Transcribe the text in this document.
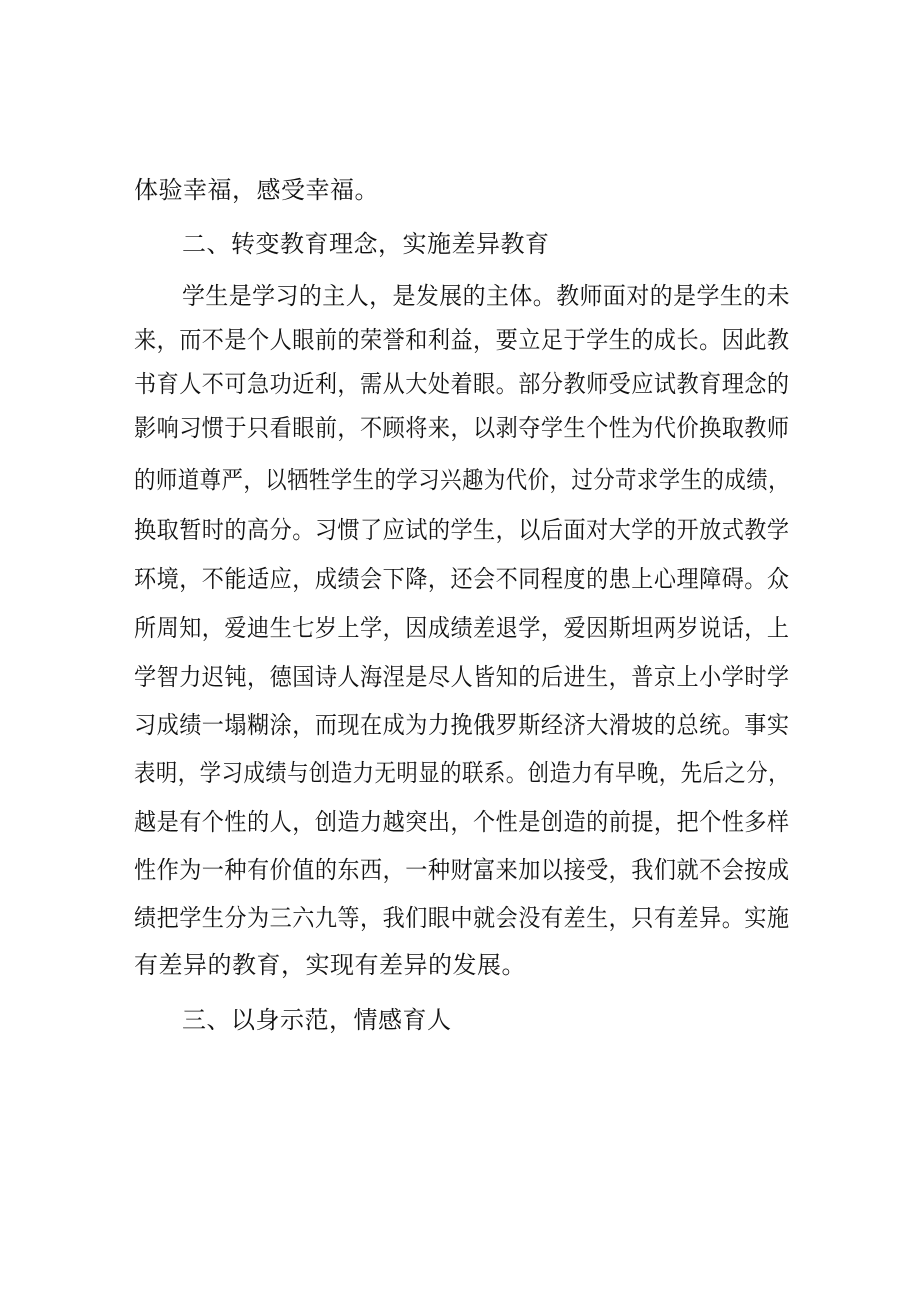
体验幸福，感受幸福。
二、转变教育理念，实施差异教育
学生是学习的主人，是发展的主体。教师面对的是学生的未
来，而不是个人眼前的荣誉和利益，要立足于学生的成长。因此教
书育人不可急功近利，需从大处着眼。部分教师受应试教育理念的
影响习惯于只看眼前，不顾将来，以剥夺学生个性为代价换取教师
的师道尊严，以牺牲学生的学习兴趣为代价，过分苛求学生的成绩，
换取暂时的高分。习惯了应试的学生，以后面对大学的开放式教学
环境，不能适应，成绩会下降，还会不同程度的患上心理障碍。众
所周知，爱迪生七岁上学，因成绩差退学，爱因斯坦两岁说话，上
学智力迟钝，德国诗人海涅是尽人皆知的后进生，普京上小学时学
习成绩一塌糊涂，而现在成为力挽俄罗斯经济大滑坡的总统。事实
表明，学习成绩与创造力无明显的联系。创造力有早晚，先后之分，
越是有个性的人，创造力越突出，个性是创造的前提，把个性多样
性作为一种有价值的东西，一种财富来加以接受，我们就不会按成
绩把学生分为三六九等，我们眼中就会没有差生，只有差异。实施
有差异的教育，实现有差异的发展。
三、以身示范，情感育人
